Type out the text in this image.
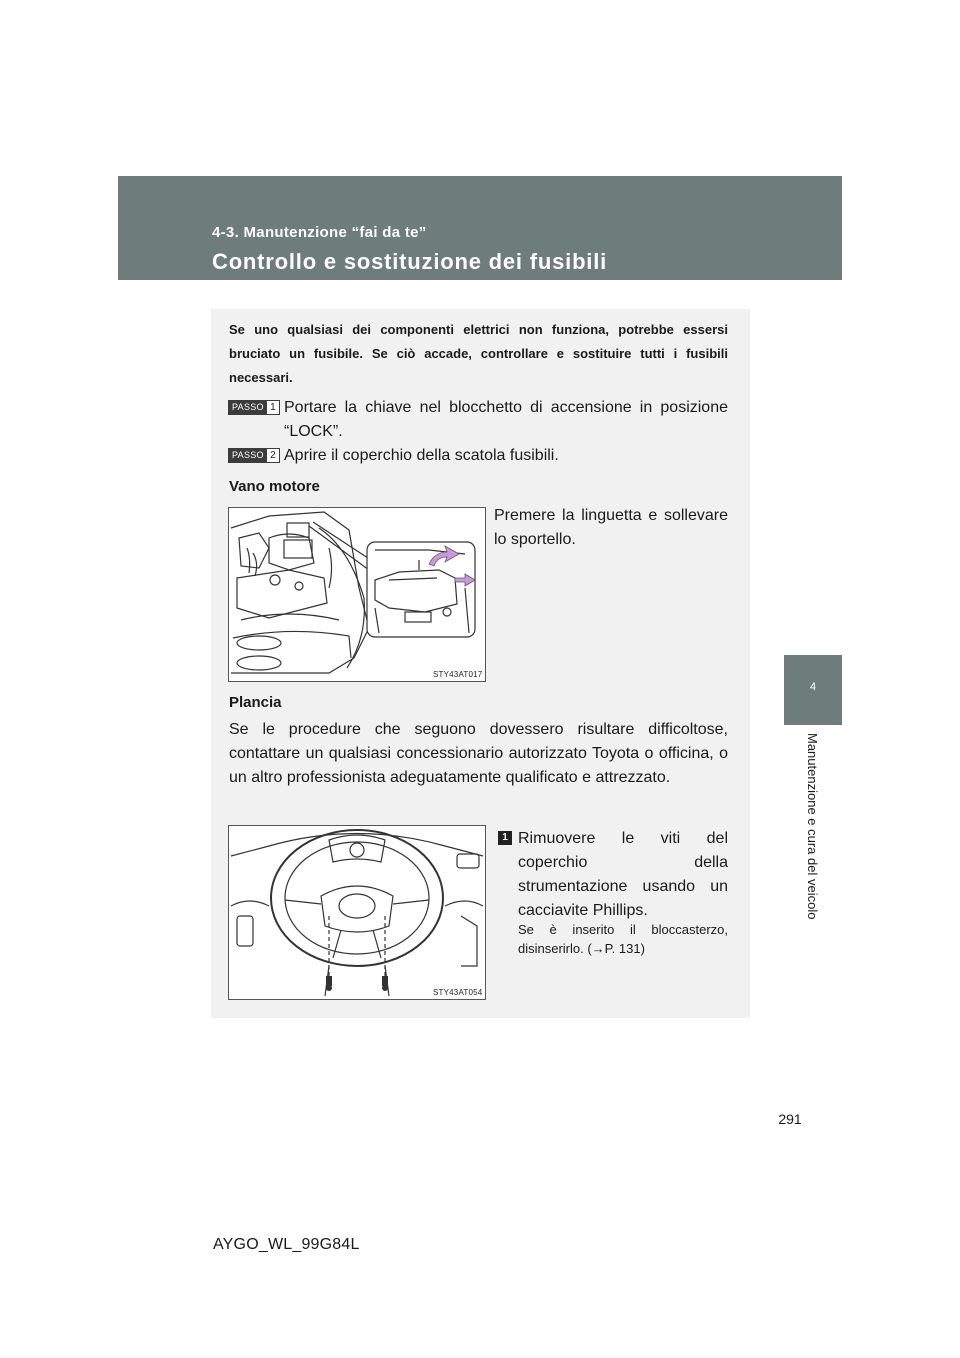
4-3. Manutenzione “fai da te”
Controllo e sostituzione dei fusibili
4
Manutenzione e cura del veicolo
Se uno qualsiasi dei componenti elettrici non funziona, potrebbe essersi bruciato un fusibile. Se ciò accade, controllare e sostituire tutti i fusibili necessari.
PASSO 1 Portare la chiave nel blocchetto di accensione in posizione “LOCK”.
PASSO 2 Aprire il coperchio della scatola fusibili.
Vano motore
Premere la linguetta e sollevare lo sportello.
STY43AT017
Plancia
Se le procedure che seguono dovessero risultare difficoltose, contattare un qualsiasi concessionario autorizzato Toyota o officina, o un altro professionista adeguatamente qualificato e attrezzato.
STY43AT054
1 Rimuovere le viti del coperchio della strumentazione usando un cacciavite Phillips.
Se è inserito il bloccasterzo, disinserirlo. (→P. 131)
291
AYGO_WL_99G84L
